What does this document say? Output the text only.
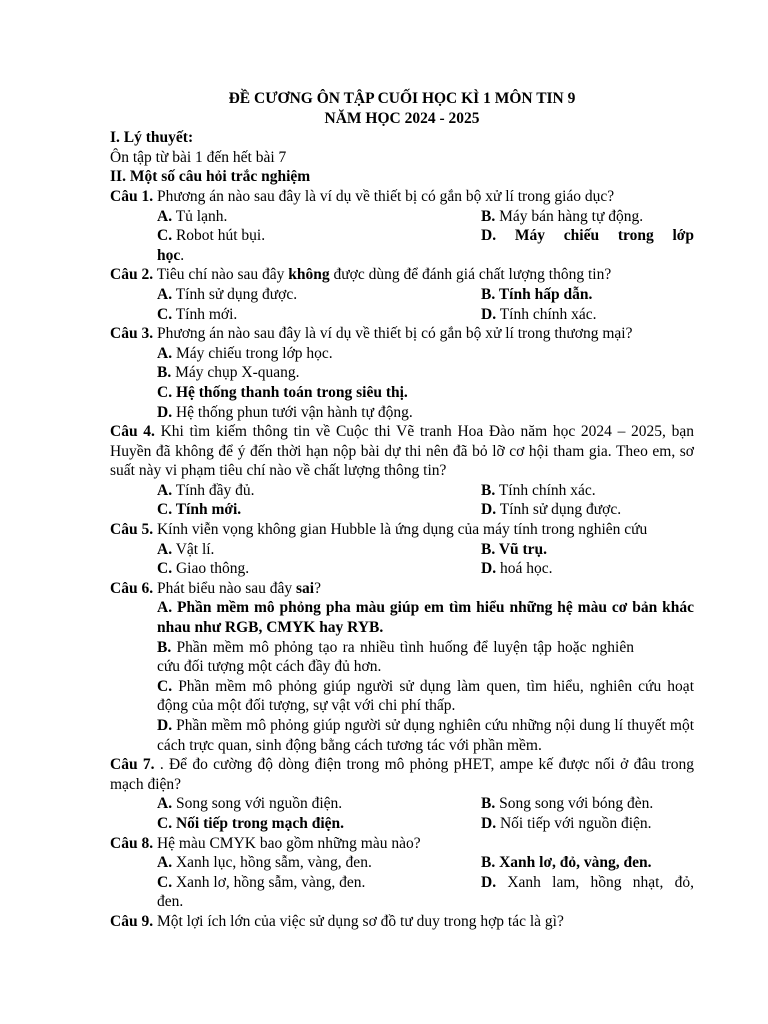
ĐỀ CƯƠNG ÔN TẬP CUỐI HỌC KÌ 1 MÔN TIN 9
NĂM HỌC 2024 - 2025
I. Lý thuyết:
Ôn tập từ bài 1 đến hết bài 7
II. Một số câu hỏi trắc nghiệm
Câu 1. Phương án nào sau đây là ví dụ về thiết bị có gắn bộ xử lí trong giáo dục?
A. Tủ lạnh.	B. Máy bán hàng tự động.
C. Robot hút bụi.	D. Máy chiếu trong lớp
học.
Câu 2. Tiêu chí nào sau đây không được dùng để đánh giá chất lượng thông tin?
A. Tính sử dụng được.	B. Tính hấp dẫn.
C. Tính mới.	D. Tính chính xác.
Câu 3. Phương án nào sau đây là ví dụ về thiết bị có gắn bộ xử lí trong thương mại?
A. Máy chiếu trong lớp học.
B. Máy chụp X-quang.
C. Hệ thống thanh toán trong siêu thị.
D. Hệ thống phun tưới vận hành tự động.
Câu 4. Khi tìm kiếm thông tin về Cuộc thi Vẽ tranh Hoa Đào năm học 2024 – 2025, bạn Huyền đã không để ý đến thời hạn nộp bài dự thi nên đã bỏ lỡ cơ hội tham gia. Theo em, sơ suất này vi phạm tiêu chí nào về chất lượng thông tin?
A. Tính đầy đủ.	B. Tính chính xác.
C. Tính mới.	D. Tính sử dụng được.
Câu 5. Kính viễn vọng không gian Hubble là ứng dụng của máy tính trong nghiên cứu
A. Vật lí.	B. Vũ trụ.
C. Giao thông.	D. hoá học.
Câu 6. Phát biểu nào sau đây sai?
A. Phần mềm mô phỏng pha màu giúp em tìm hiểu những hệ màu cơ bản khác nhau như RGB, CMYK hay RYB.
B. Phần mềm mô phỏng tạo ra nhiều tình huống để luyện tập hoặc nghiên cứu đối tượng một cách đầy đủ hơn.
C. Phần mềm mô phỏng giúp người sử dụng làm quen, tìm hiểu, nghiên cứu hoạt động của một đối tượng, sự vật với chi phí thấp.
D. Phần mềm mô phỏng giúp người sử dụng nghiên cứu những nội dung lí thuyết một cách trực quan, sinh động bằng cách tương tác với phần mềm.
Câu 7. . Để đo cường độ dòng điện trong mô phỏng pHET, ampe kế được nối ở đâu trong mạch điện?
A. Song song với nguồn điện.	B. Song song với bóng đèn.
C. Nối tiếp trong mạch điện.	D. Nối tiếp với nguồn điện.
Câu 8. Hệ màu CMYK bao gồm những màu nào?
A. Xanh lục, hồng sẫm, vàng, đen.	B. Xanh lơ, đỏ, vàng, đen.
C. Xanh lơ, hồng sẫm, vàng, đen.	D. Xanh lam, hồng nhạt, đỏ,
đen.
Câu 9. Một lợi ích lớn của việc sử dụng sơ đồ tư duy trong hợp tác là gì?
